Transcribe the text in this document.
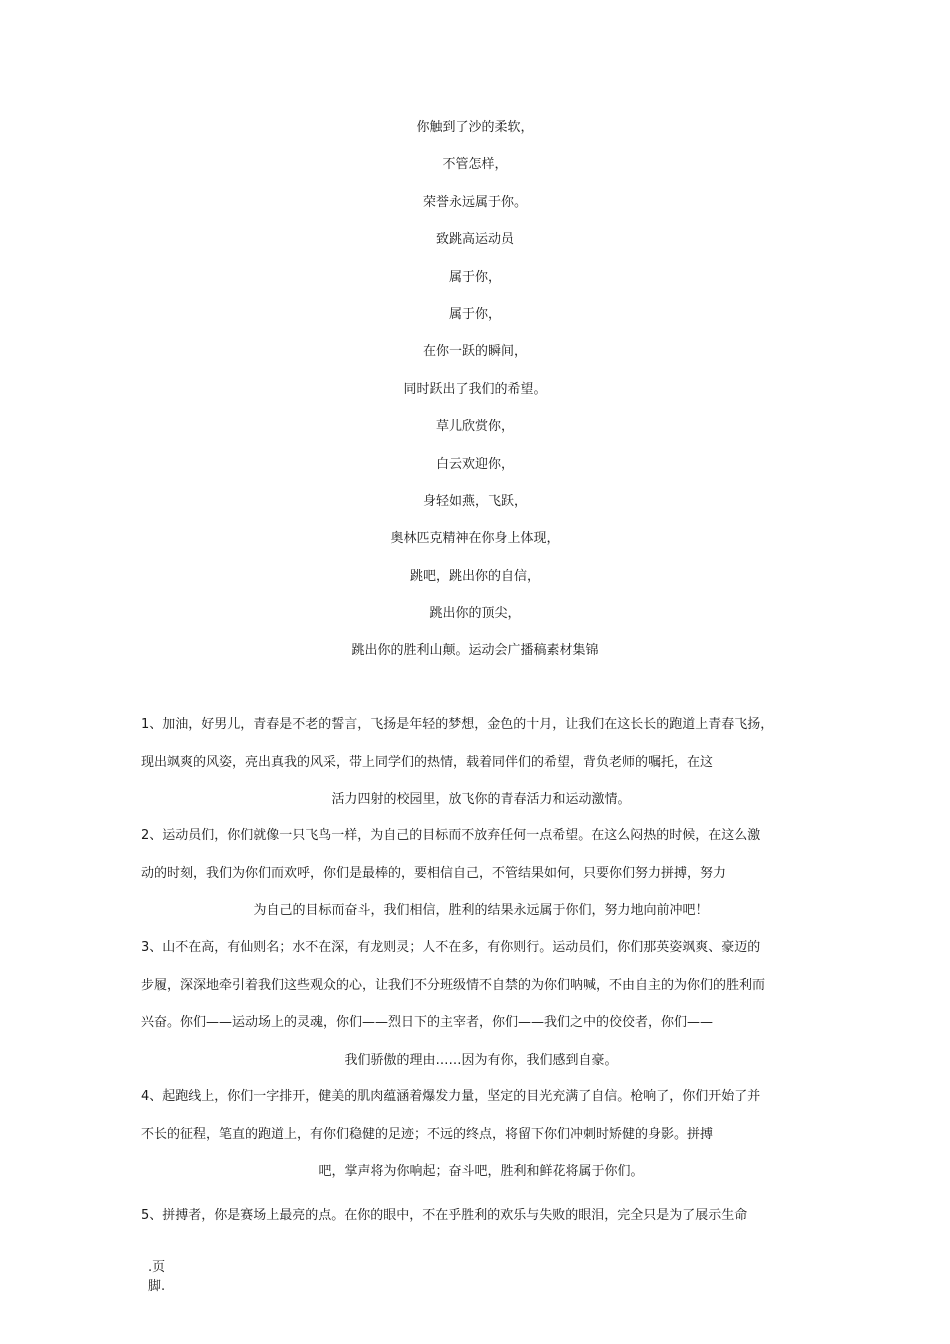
你触到了沙的柔软，
不管怎样，
荣誉永远属于你。
致跳高运动员
属于你，
属于你，
在你一跃的瞬间，
同时跃出了我们的希望。
草儿欣赏你，
白云欢迎你，
身轻如燕，飞跃，
奥林匹克精神在你身上体现，
跳吧，跳出你的自信，
跳出你的顶尖，
跳出你的胜利山颠。运动会广播稿素材集锦
1、加油，好男儿，青春是不老的誓言，飞扬是年轻的梦想，金色的十月，让我们在这长长的跑道上青春飞扬，
现出飒爽的风姿，亮出真我的风采，带上同学们的热情，载着同伴们的希望，背负老师的嘱托，在这
活力四射的校园里，放飞你的青春活力和运动激情。
2、运动员们，你们就像一只飞鸟一样，为自己的目标而不放弃任何一点希望。在这么闷热的时候，在这么激
动的时刻，我们为你们而欢呼，你们是最棒的，要相信自己，不管结果如何，只要你们努力拼搏，努力
为自己的目标而奋斗，我们相信，胜利的结果永远属于你们，努力地向前冲吧！
3、山不在高，有仙则名；水不在深，有龙则灵；人不在多，有你则行。运动员们，你们那英姿飒爽、豪迈的
步履，深深地牵引着我们这些观众的心，让我们不分班级情不自禁的为你们呐喊，不由自主的为你们的胜利而
兴奋。你们——运动场上的灵魂，你们——烈日下的主宰者，你们——我们之中的佼佼者，你们——
我们骄傲的理由……因为有你，我们感到自豪。
4、起跑线上，你们一字排开，健美的肌肉蕴涵着爆发力量，坚定的目光充满了自信。枪响了，你们开始了并
不长的征程，笔直的跑道上，有你们稳健的足迹；不远的终点，将留下你们冲刺时矫健的身影。拼搏
吧，掌声将为你响起；奋斗吧，胜利和鲜花将属于你们。
5、拼搏者，你是赛场上最亮的点。在你的眼中，不在乎胜利的欢乐与失败的眼泪，完全只是为了展示生命
.页
脚.
